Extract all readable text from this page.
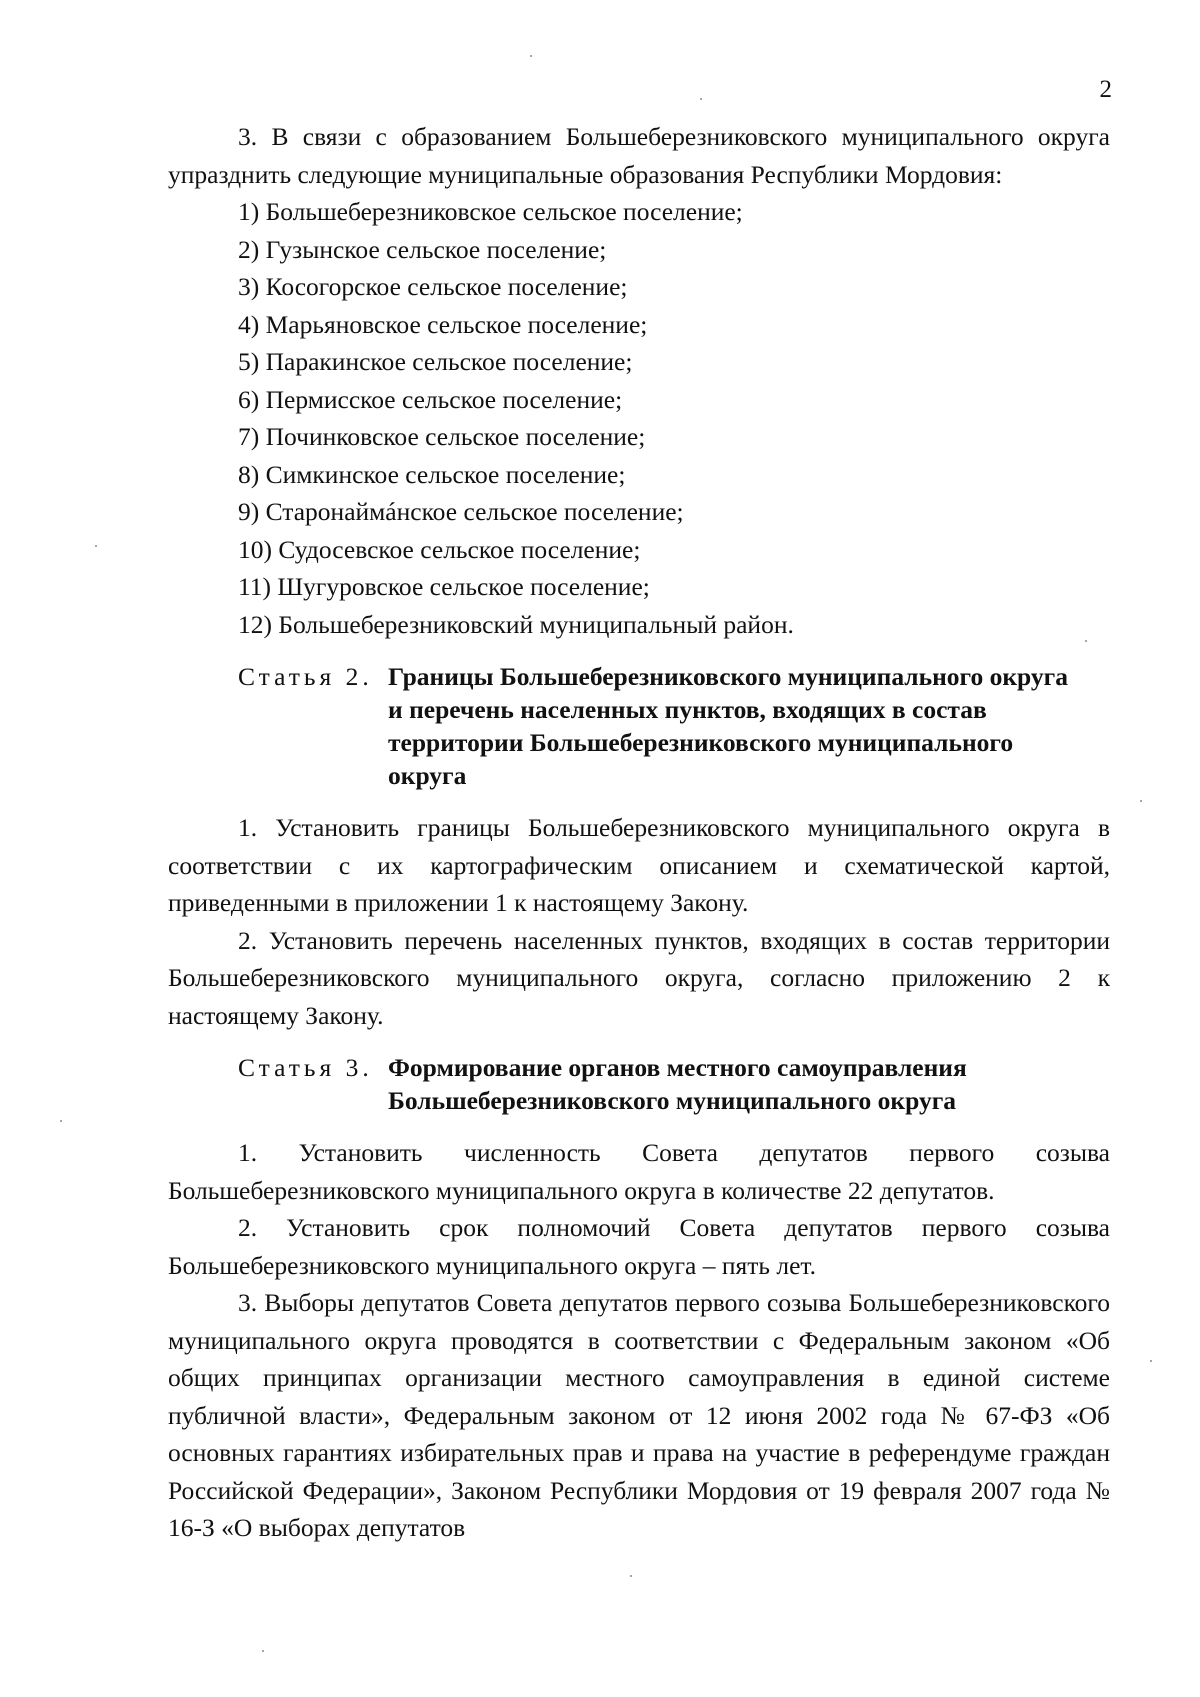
2

3. В связи с образованием Большеберезниковского муниципального округа упразднить следующие муниципальные образования Республики Мордовия:

1) Большеберезниковское сельское поселение;

2) Гузынское сельское поселение;

3) Косогорское сельское поселение;

4) Марьяновское сельское поселение;

5) Паракинское сельское поселение;

6) Пермисское сельское поселение;

7) Починковское сельское поселение;

8) Симкинское сельское поселение;

9) Старонаймáнское сельское поселение;

10) Судосевское сельское поселение;

11) Шугуровское сельское поселение;

12) Большеберезниковский муниципальный район.

Статья 2. Границы Большеберезниковского муниципального округа и перечень населенных пунктов, входящих в состав территории Большеберезниковского муниципального округа

1. Установить границы Большеберезниковского муниципального округа в соответствии с их картографическим описанием и схематической картой, приведенными в приложении 1 к настоящему Закону.

2. Установить перечень населенных пунктов, входящих в состав территории Большеберезниковского муниципального округа, согласно приложению 2 к настоящему Закону.

Статья 3. Формирование органов местного самоуправления Большеберезниковского муниципального округа

1. Установить численность Совета депутатов первого созыва Большеберезниковского муниципального округа в количестве 22 депутатов.

2. Установить срок полномочий Совета депутатов первого созыва Большеберезниковского муниципального округа – пять лет.

3. Выборы депутатов Совета депутатов первого созыва Большеберезниковского муниципального округа проводятся в соответствии с Федеральным законом «Об общих принципах организации местного самоуправления в единой системе публичной власти», Федеральным законом от 12 июня 2002 года № 67-ФЗ «Об основных гарантиях избирательных прав и права на участие в референдуме граждан Российской Федерации», Законом Республики Мордовия от 19 февраля 2007 года № 16-З «О выборах депутатов
